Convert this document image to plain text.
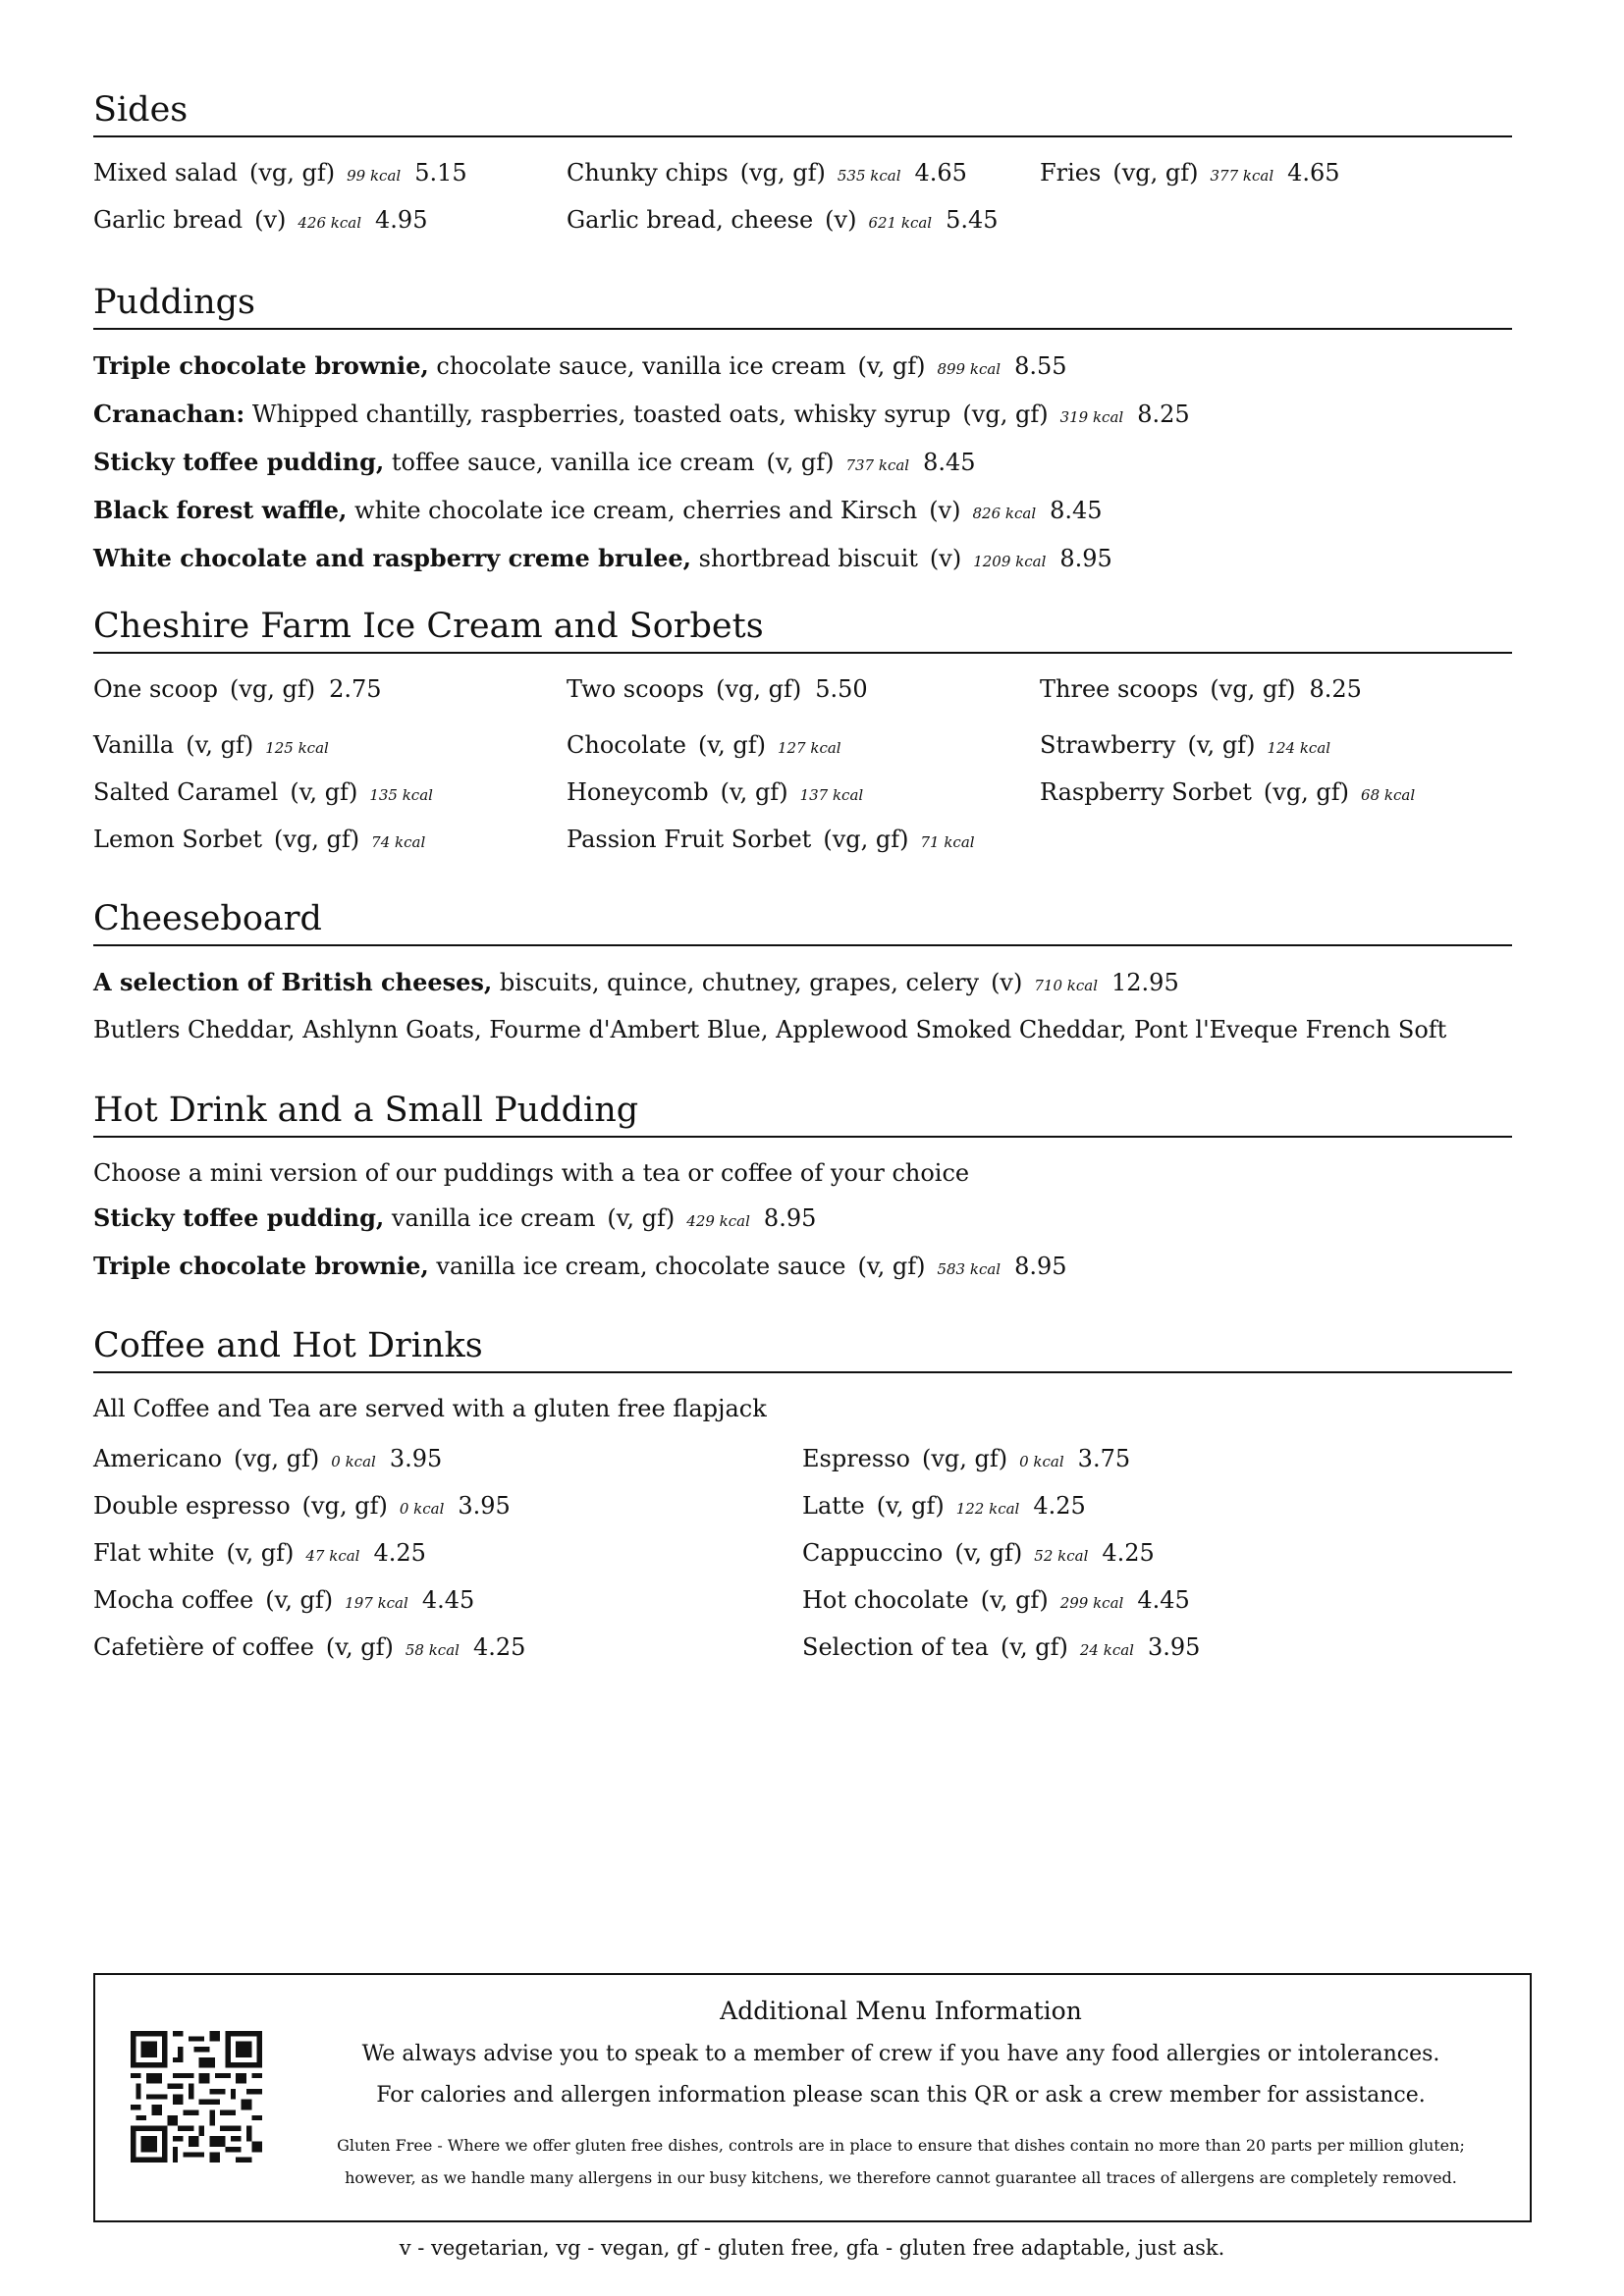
Sides
Mixed salad (vg, gf) 99 kcal 5.15	Chunky chips (vg, gf) 535 kcal 4.65	Fries (vg, gf) 377 kcal 4.65
Garlic bread (v) 426 kcal 4.95	Garlic bread, cheese (v) 621 kcal 5.45
Puddings
Triple chocolate brownie, chocolate sauce, vanilla ice cream (v, gf) 899 kcal 8.55
Cranachan: Whipped chantilly, raspberries, toasted oats, whisky syrup (vg, gf) 319 kcal 8.25
Sticky toffee pudding, toffee sauce, vanilla ice cream (v, gf) 737 kcal 8.45
Black forest waffle, white chocolate ice cream, cherries and Kirsch (v) 826 kcal 8.45
White chocolate and raspberry creme brulee, shortbread biscuit (v) 1209 kcal 8.95
Cheshire Farm Ice Cream and Sorbets
One scoop (vg, gf) 2.75	Two scoops (vg, gf) 5.50	Three scoops (vg, gf) 8.25
Vanilla (v, gf) 125 kcal	Chocolate (v, gf) 127 kcal	Strawberry (v, gf) 124 kcal
Salted Caramel (v, gf) 135 kcal	Honeycomb (v, gf) 137 kcal	Raspberry Sorbet (vg, gf) 68 kcal
Lemon Sorbet (vg, gf) 74 kcal	Passion Fruit Sorbet (vg, gf) 71 kcal
Cheeseboard
A selection of British cheeses, biscuits, quince, chutney, grapes, celery (v) 710 kcal 12.95
Butlers Cheddar, Ashlynn Goats, Fourme d'Ambert Blue, Applewood Smoked Cheddar, Pont l'Eveque French Soft
Hot Drink and a Small Pudding
Choose a mini version of our puddings with a tea or coffee of your choice
Sticky toffee pudding, vanilla ice cream (v, gf) 429 kcal 8.95
Triple chocolate brownie, vanilla ice cream, chocolate sauce (v, gf) 583 kcal 8.95
Coffee and Hot Drinks
All Coffee and Tea are served with a gluten free flapjack
Americano (vg, gf) 0 kcal 3.95	Espresso (vg, gf) 0 kcal 3.75
Double espresso (vg, gf) 0 kcal 3.95	Latte (v, gf) 122 kcal 4.25
Flat white (v, gf) 47 kcal 4.25	Cappuccino (v, gf) 52 kcal 4.25
Mocha coffee (v, gf) 197 kcal 4.45	Hot chocolate (v, gf) 299 kcal 4.45
Cafetière of coffee (v, gf) 58 kcal 4.25	Selection of tea (v, gf) 24 kcal 3.95
Additional Menu Information
We always advise you to speak to a member of crew if you have any food allergies or intolerances.
For calories and allergen information please scan this QR or ask a crew member for assistance.
Gluten Free - Where we offer gluten free dishes, controls are in place to ensure that dishes contain no more than 20 parts per million gluten;
however, as we handle many allergens in our busy kitchens, we therefore cannot guarantee all traces of allergens are completely removed.
v - vegetarian, vg - vegan, gf - gluten free, gfa - gluten free adaptable, just ask.
